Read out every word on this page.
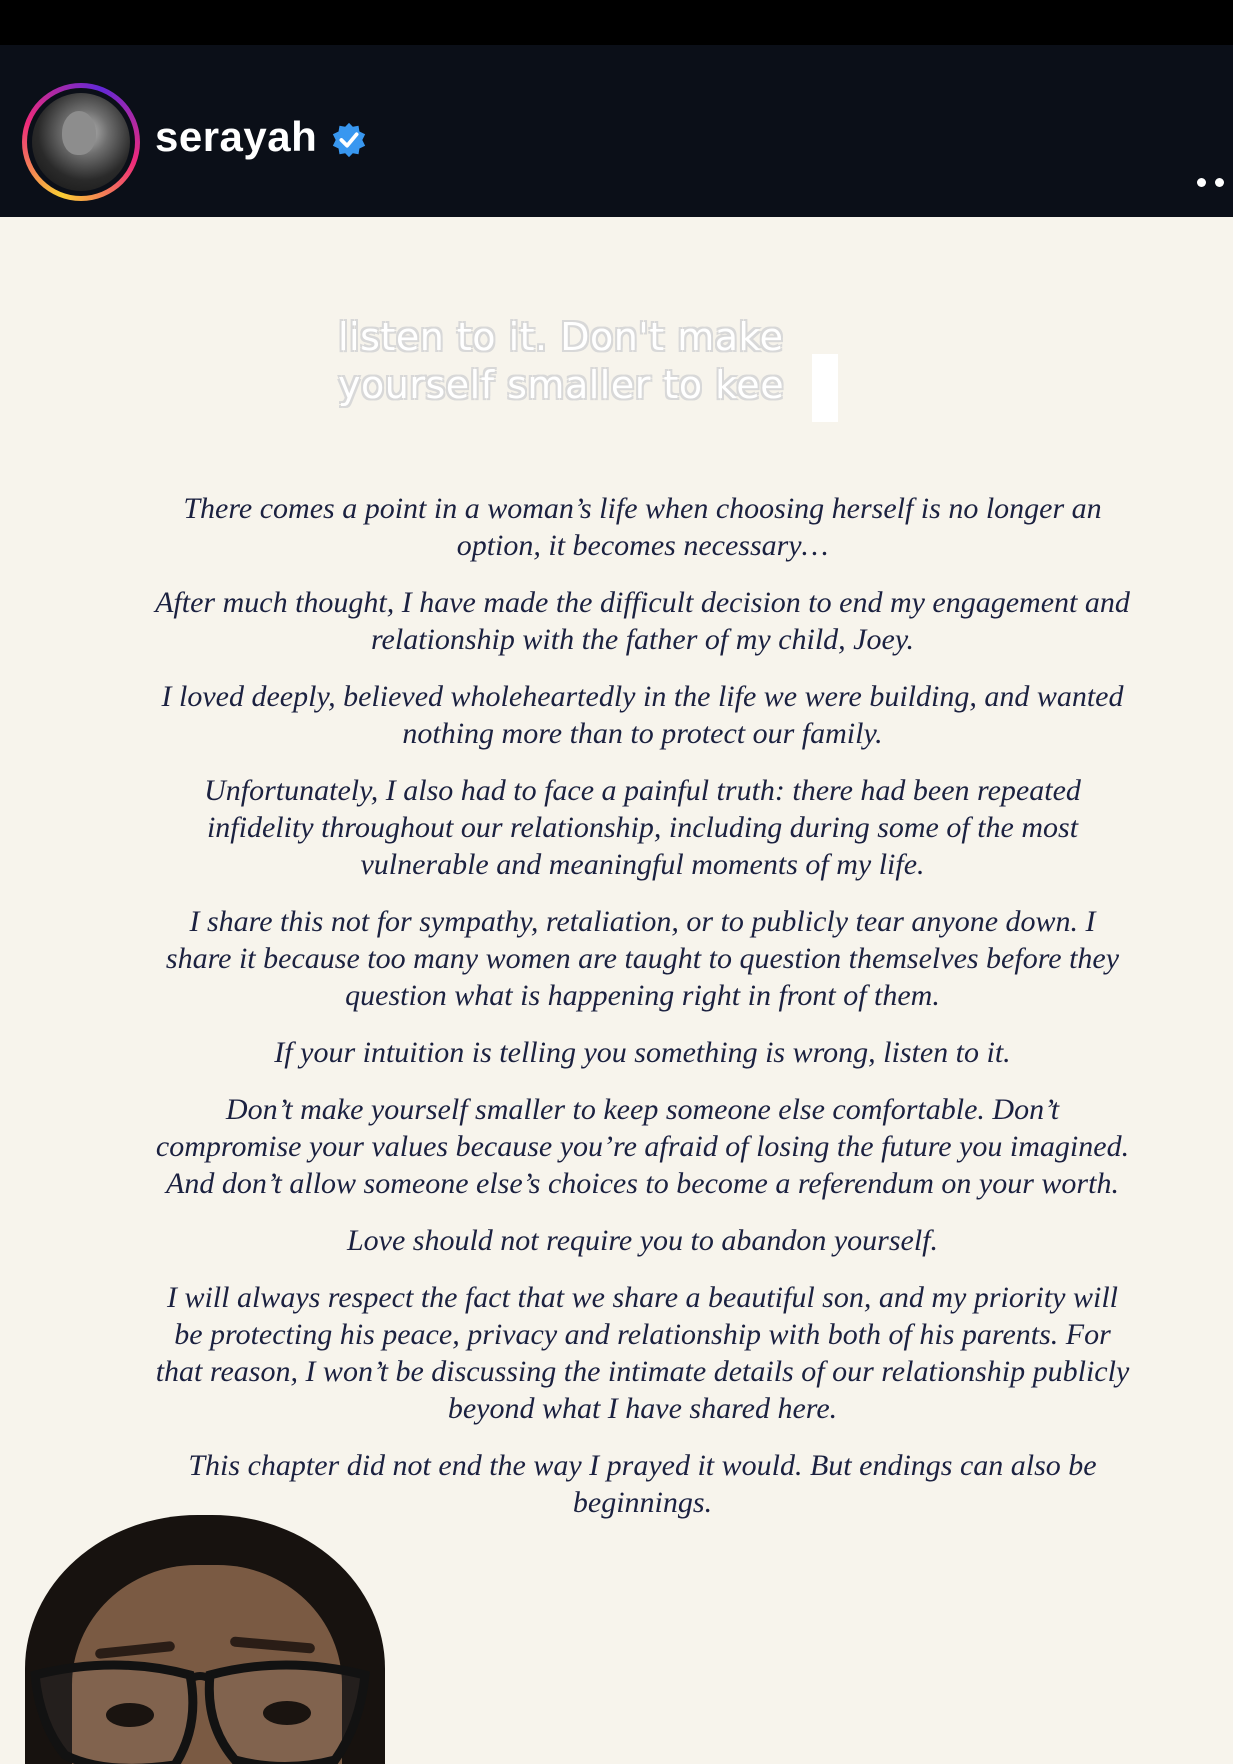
serayah
listen to it. Don't make
yourself smaller to kee

There comes a point in a woman’s life when choosing herself is no longer an option, it becomes necessary…

After much thought, I have made the difficult decision to end my engagement and relationship with the father of my child, Joey.

I loved deeply, believed wholeheartedly in the life we were building, and wanted nothing more than to protect our family.

Unfortunately, I also had to face a painful truth: there had been repeated infidelity throughout our relationship, including during some of the most vulnerable and meaningful moments of my life.

I share this not for sympathy, retaliation, or to publicly tear anyone down. I share it because too many women are taught to question themselves before they question what is happening right in front of them.

If your intuition is telling you something is wrong, listen to it.

Don’t make yourself smaller to keep someone else comfortable. Don’t compromise your values because you’re afraid of losing the future you imagined. And don’t allow someone else’s choices to become a referendum on your worth.

Love should not require you to abandon yourself.

I will always respect the fact that we share a beautiful son, and my priority will be protecting his peace, privacy and relationship with both of his parents. For that reason, I won’t be discussing the intimate details of our relationship publicly beyond what I have shared here.

This chapter did not end the way I prayed it would. But endings can also be beginnings.
